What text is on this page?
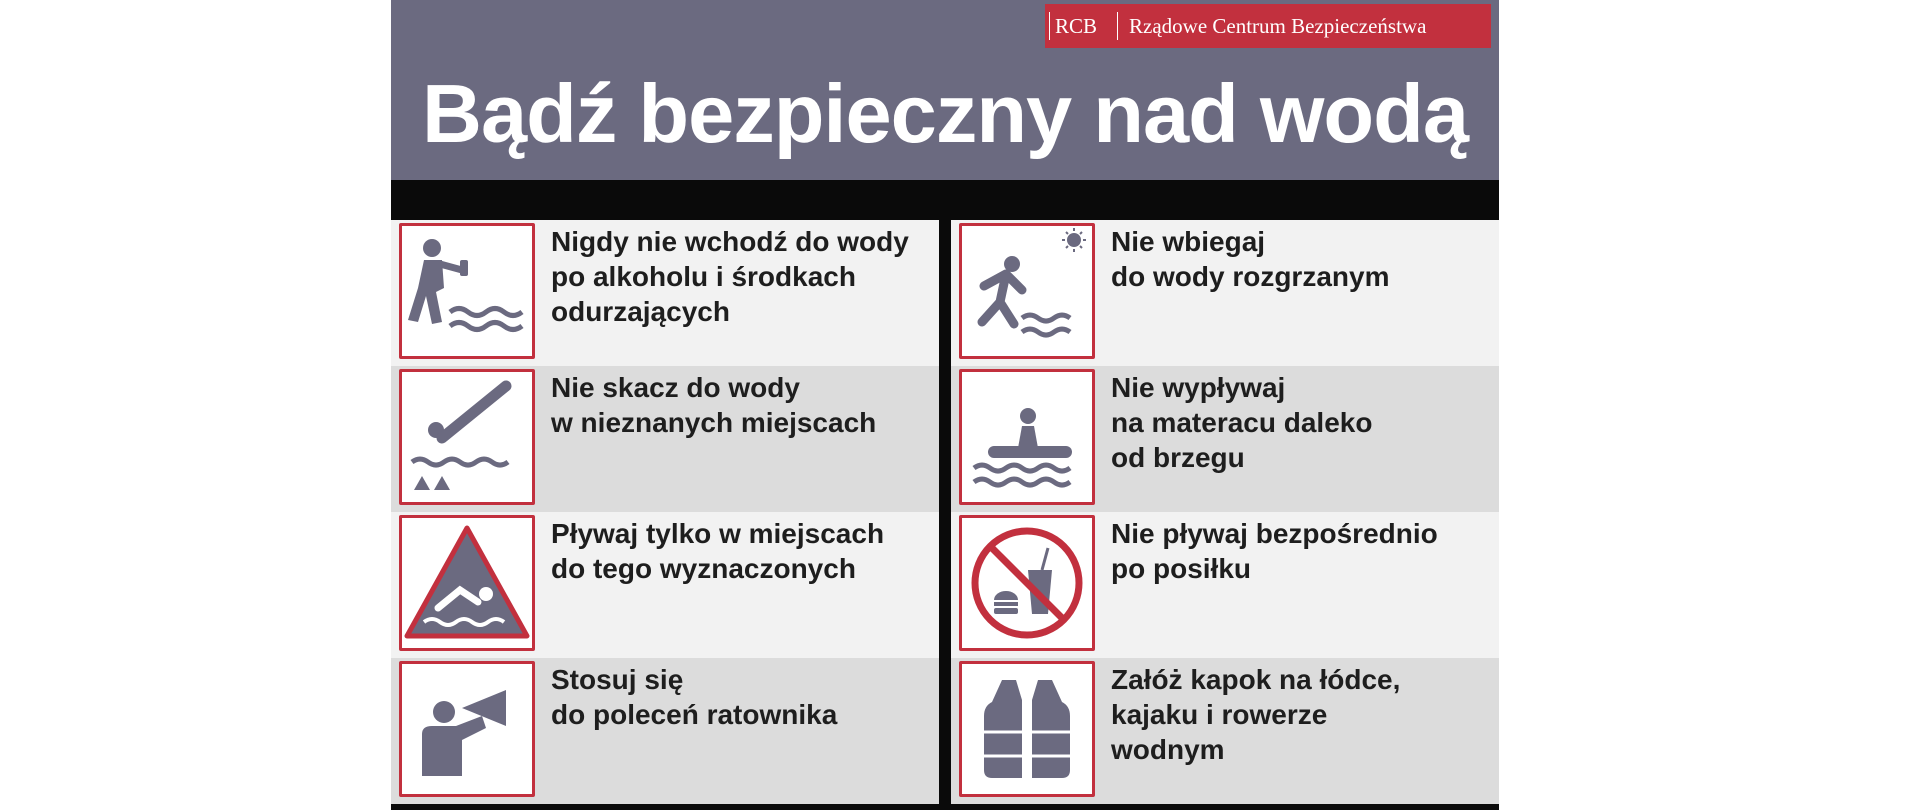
RCB Rządowe Centrum Bezpieczeństwa
Bądź bezpieczny nad wodą
Nigdy nie wchodź do wody
po alkoholu i środkach
odurzających
Nie skacz do wody
w nieznanych miejscach
Pływaj tylko w miejscach
do tego wyznaczonych
Stosuj się
do poleceń ratownika
Nie wbiegaj
do wody rozgrzanym
Nie wypływaj
na materacu daleko
od brzegu
Nie pływaj bezpośrednio
po posiłku
Załóż kapok na łódce,
kajaku i rowerze
wodnym
